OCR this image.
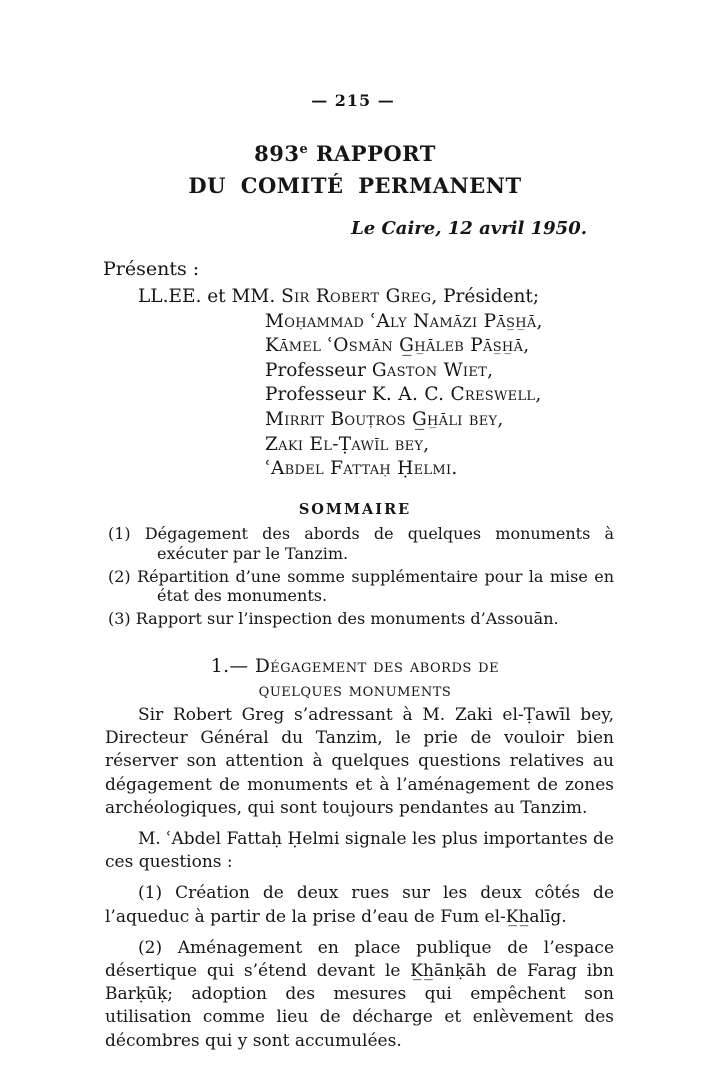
— 215 —
893e RAPPORT
DU COMITÉ PERMANENT
Le Caire, 12 avril 1950.
Présents :
LL.EE. et MM. Sir Robert Greg, Président;
Moḥammad ʿAly Namāzi Pās̲h̲ā,
Kāmel ʿOsmān G̲h̲āleb Pās̲h̲ā,
Professeur Gaston Wiet,
Professeur K. A. C. Creswell,
Mirrit Bouṭros G̲h̲āli bey,
Zaki El-Ṭawīl bey,
ʿAbdel Fattaḥ Ḥelmi.
SOMMAIRE
(1) Dégagement des abords de quelques monuments à exécuter par le Tanzim.
(2) Répartition d’une somme supplémentaire pour la mise en état des monuments.
(3) Rapport sur l’inspection des monuments d’Assouān.
1.— Dégagement des abords de
quelques monuments

Sir Robert Greg s’adressant à M. Zaki el-Ṭawīl bey, Directeur Général du Tanzim, le prie de vouloir bien réserver son attention à quelques questions relatives au dégagement de monuments et à l’aménagement de zones archéologiques, qui sont toujours pendantes au Tanzim.

M. ʿAbdel Fattaḥ Ḥelmi signale les plus importantes de ces questions :

(1) Création de deux rues sur les deux côtés de l’aqueduc à partir de la prise d’eau de Fum el-K̲h̲alīg.

(2) Aménagement en place publique de l’espace désertique qui s’étend devant le K̲h̲ānḳāh de Farag ibn Barḳūḳ; adoption des mesures qui empêchent son utilisation comme lieu de décharge et enlèvement des décombres qui y sont accumulées.
